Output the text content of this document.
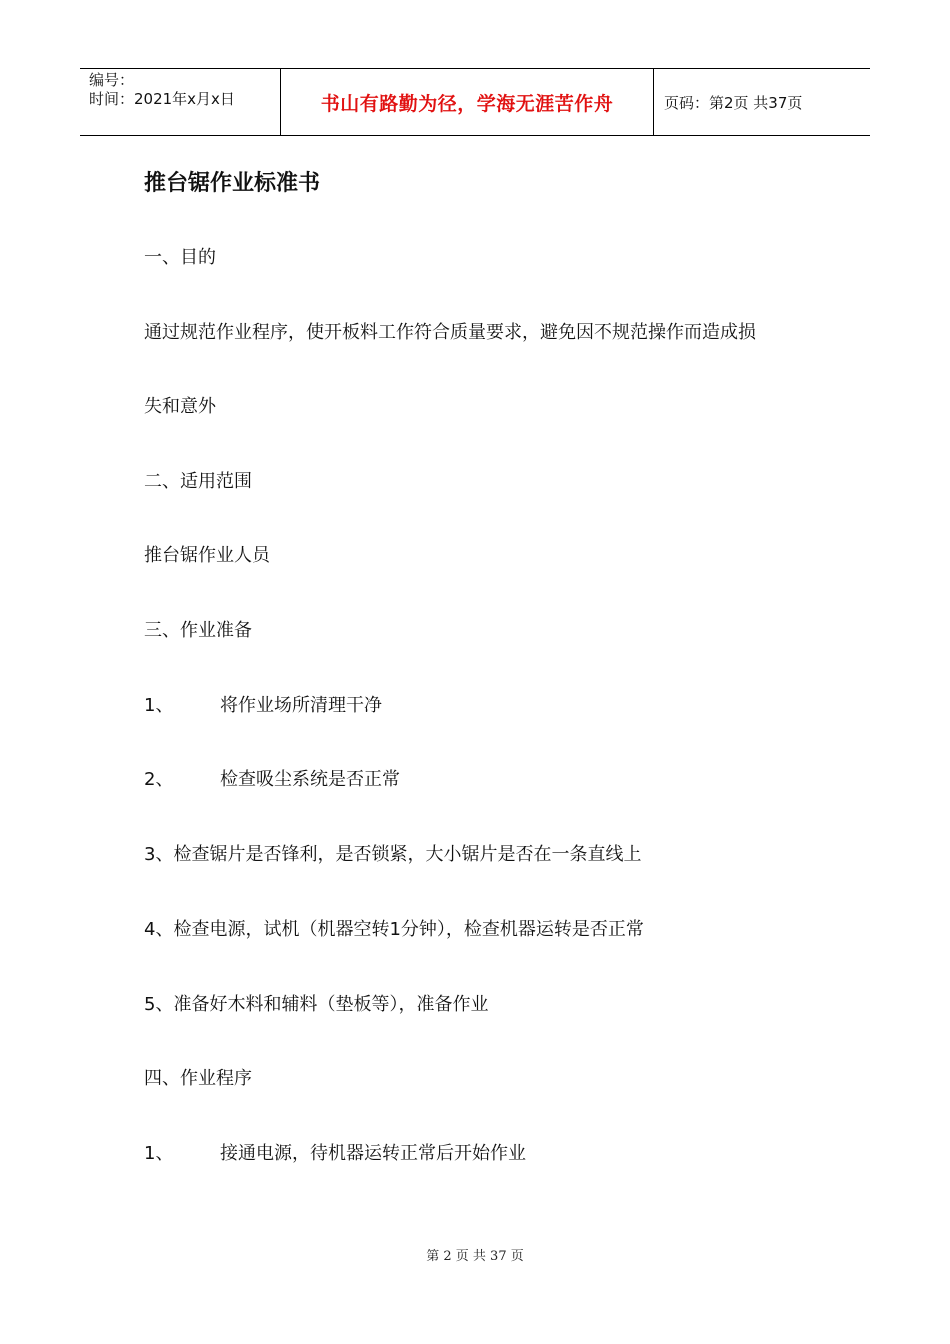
编号：
时间：2021年x月x日	书山有路勤为径，学海无涯苦作舟	页码：第2页 共37页
推台锯作业标准书
一、目的
通过规范作业程序，使开板料工作符合质量要求，避免因不规范操作而造成损
失和意外
二、适用范围
推台锯作业人员
三、作业准备
1、	将作业场所清理干净
2、	检查吸尘系统是否正常
3、检查锯片是否锋利，是否锁紧，大小锯片是否在一条直线上
4、检查电源，试机（机器空转1分钟），检查机器运转是否正常
5、准备好木料和辅料（垫板等），准备作业
四、作业程序
1、	接通电源，待机器运转正常后开始作业
第 2 页 共 37 页
